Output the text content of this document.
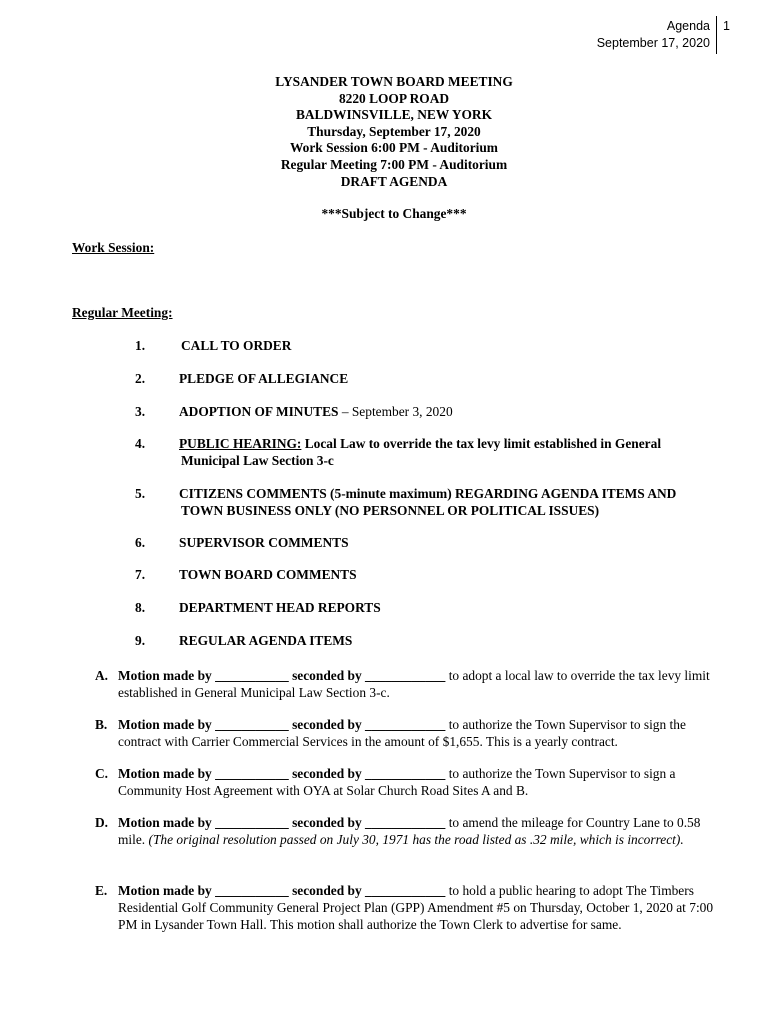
Agenda
September 17, 2020
1
LYSANDER TOWN BOARD MEETING
8220 LOOP ROAD
BALDWINSVILLE, NEW YORK
Thursday, September 17, 2020
Work Session 6:00 PM - Auditorium
Regular Meeting 7:00 PM - Auditorium
DRAFT AGENDA
***Subject to Change***
Work Session:
Regular Meeting:
1.	CALL TO ORDER
2.	PLEDGE OF ALLEGIANCE
3.	ADOPTION OF MINUTES – September 3, 2020
4.	PUBLIC HEARING: Local Law to override the tax levy limit established in General
Municipal Law Section 3-c
5.	CITIZENS COMMENTS (5-minute maximum) REGARDING AGENDA ITEMS AND
TOWN BUSINESS ONLY (NO PERSONNEL OR POLITICAL ISSUES)
6.	SUPERVISOR COMMENTS
7.	TOWN BOARD COMMENTS
8.	DEPARTMENT HEAD REPORTS
9.	REGULAR AGENDA ITEMS
A. Motion made by ___________ seconded by ____________ to adopt a local law to override the tax levy limit established in General Municipal Law Section 3-c.
B. Motion made by ___________ seconded by ____________ to authorize the Town Supervisor to sign the contract with Carrier Commercial Services in the amount of $1,655. This is a yearly contract.
C. Motion made by ___________ seconded by ____________ to authorize the Town Supervisor to sign a Community Host Agreement with OYA at Solar Church Road Sites A and B.
D. Motion made by ___________ seconded by ____________ to amend the mileage for Country Lane to 0.58 mile. (The original resolution passed on July 30, 1971 has the road listed as .32 mile, which is incorrect).
E. Motion made by ___________ seconded by ____________ to hold a public hearing to adopt The Timbers Residential Golf Community General Project Plan (GPP) Amendment #5 on Thursday, October 1, 2020 at 7:00 PM in Lysander Town Hall. This motion shall authorize the Town Clerk to advertise for same.
